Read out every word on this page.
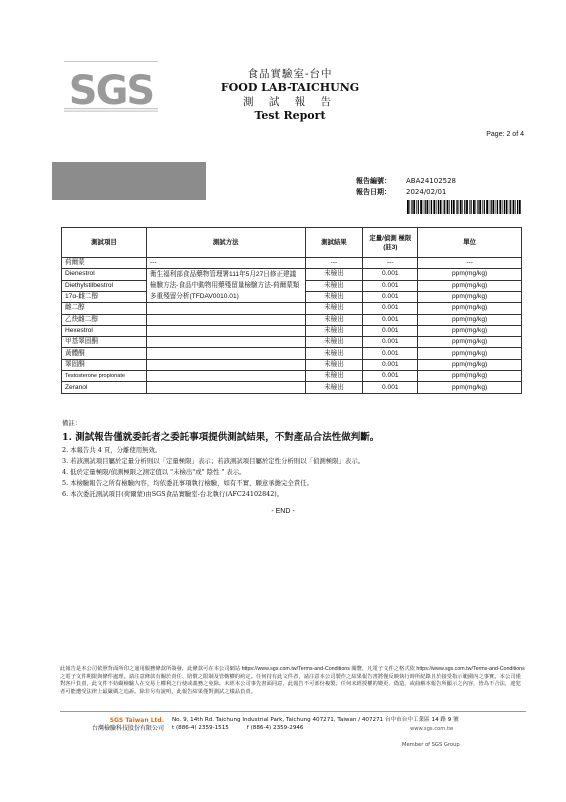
SGS	食品實驗室-台中
FOOD LAB-TAICHUNG
測 試 報 告
Test Report
Page: 2 of 4
報告編號： ABA24102528
報告日期： 2024/02/01
測試項目	測試方法	測試結果	定量/偵測 極限(註3)	單位
荷爾蒙	---	---	---	---
Dienestrol	衛生福利部食品藥物管理署111年5月27日修正建議檢驗方法-食品中動物用藥殘留量檢驗方法-荷爾蒙類多重殘留分析(TFDAV0010.01)	未檢出	0.001	ppm(mg/kg)
Diethylstilbestrol		未檢出	0.001	ppm(mg/kg)
17α-雌二醇		未檢出	0.001	ppm(mg/kg)
雌二醇		未檢出	0.001	ppm(mg/kg)
乙炔雌二醇		未檢出	0.001	ppm(mg/kg)
Hexestrol		未檢出	0.001	ppm(mg/kg)
甲基睪固酮		未檢出	0.001	ppm(mg/kg)
黃體酮		未檢出	0.001	ppm(mg/kg)
睪固酮		未檢出	0.001	ppm(mg/kg)
Testosterone propionate		未檢出	0.001	ppm(mg/kg)
Zeranol		未檢出	0.001	ppm(mg/kg)
備註：
1. 測試報告僅就委託者之委託事項提供測試結果，不對產品合法性做判斷。
2. 本報告共 4 頁，分離使用無效。
3. 若該測試項目屬於定量分析則以「定量極限」表示；若該測試項目屬於定性分析則以「偵測極限」表示。
4. 低於定量極限/偵測極限之測定值以 "未檢出"或" 陰性 " 表示。
5. 本檢驗報告之所有檢驗內容，均依委託事項執行檢驗，如有不實，願意承擔完全責任。
6. 本次委託測試項目(荷爾蒙)由SGS食品實驗室-台北執行(AFC24102842)。
- END -
此報告是本公司依照背面所印之通用服務條款所簽發，此條款可在本公司網站 https://www.sgs.com.tw/Terms-and-Conditions 閱覽，凡電子文件之格式依 https://www.sgs.com.tw/Terms-and-Conditions 之電子文件期限與條件處理。請注意條款有關於責任、賠償之限制及管轄權的約定。任何持有此文件者，請注意本公司製作之結果報告書將僅反映執行時所紀錄且於接受指示範圍內之事實。本公司僅對客戶負責，此文件不妨礙檢驗人在交易上權利之行使或義務之免除。未經本公司事先書面同意，此報告不可部份複製。任何未經授權的變更、偽造、或曲解本報告所顯示之內容，皆為不合法，違犯者可能遭受法律上最嚴厲之追訴。除非另有說明，此報告結果僅對測試之樣品負責。
SGS Taiwan Ltd.
台灣檢驗科技股份有限公司
No. 9, 14th Rd. Taichung Industrial Park, Taichung 407271, Taiwan / 407271 台中市台中工業區 14 路 9 號
t (886-4) 2359-1515	f (886-4) 2359-2946	www.sgs.com.tw
Member of SGS Group
